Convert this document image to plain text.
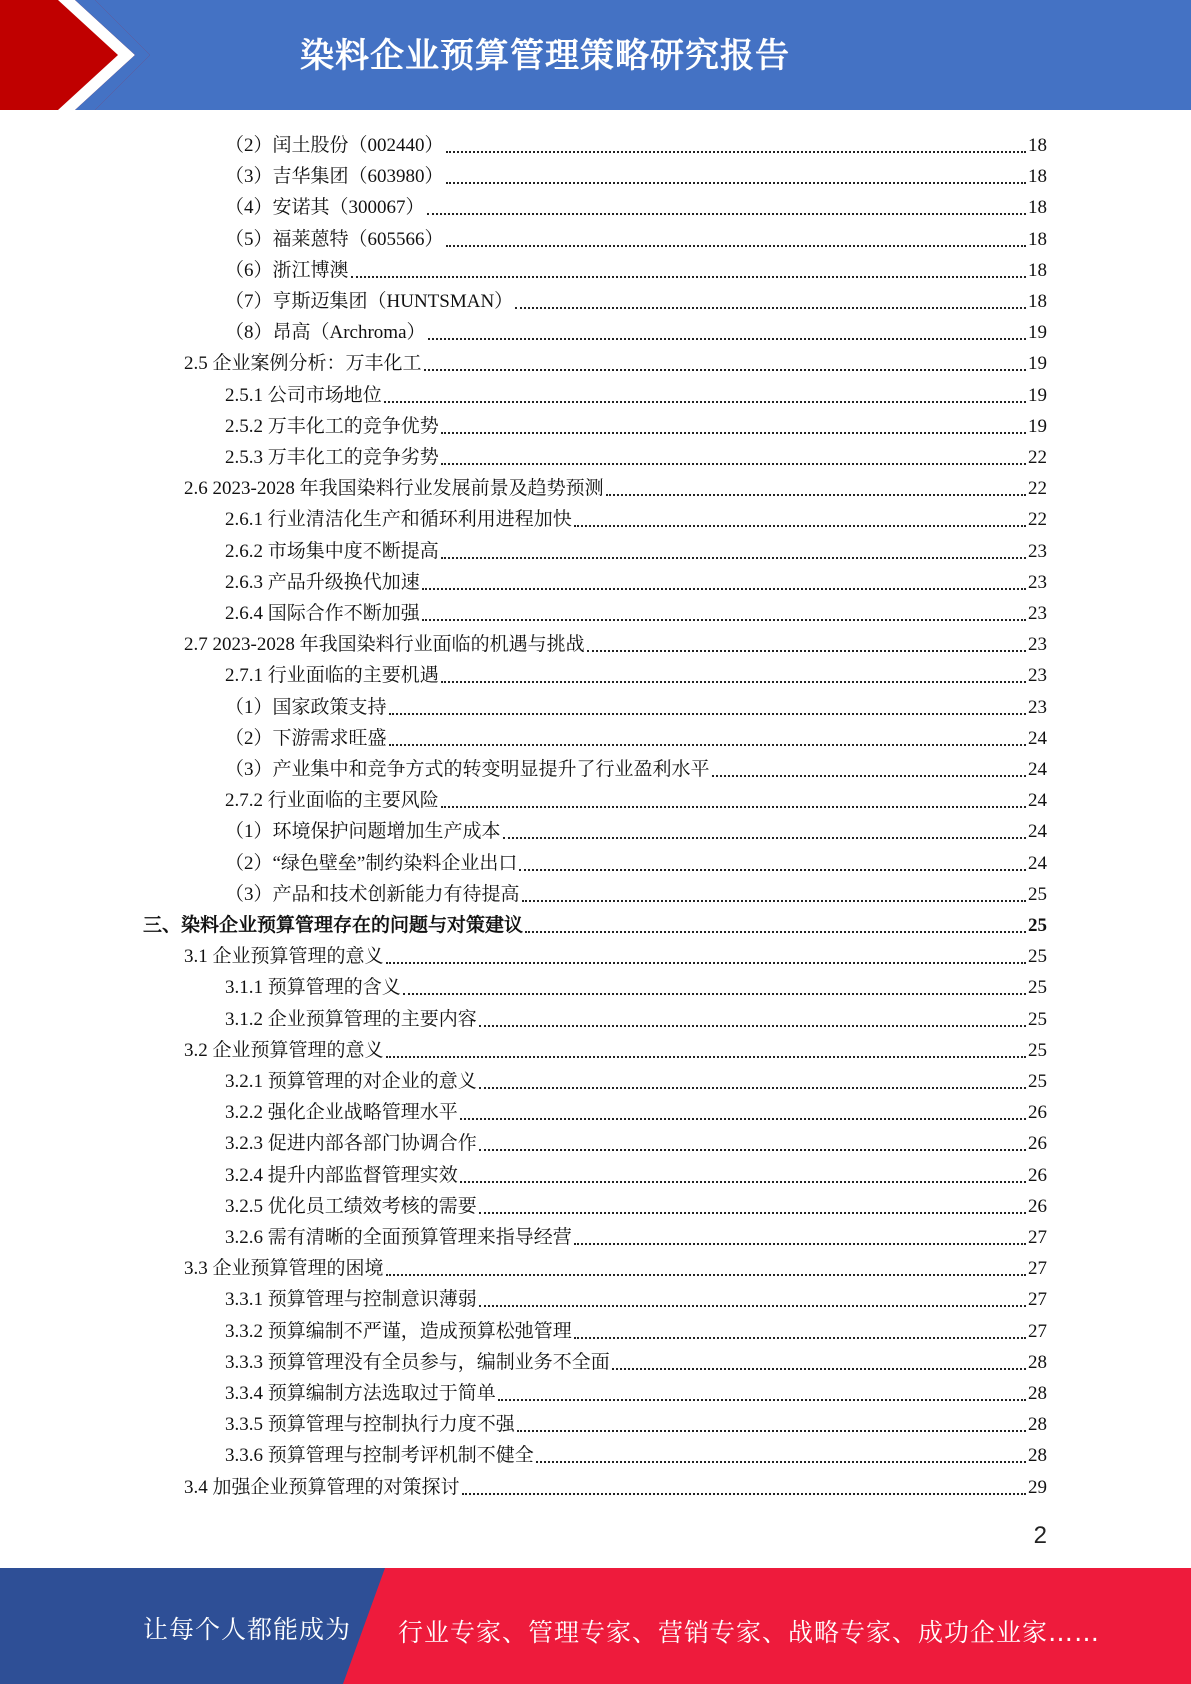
染料企业预算管理策略研究报告
（2）闰土股份（002440）	18
（3）吉华集团（603980）	18
（4）安诺其（300067）	18
（5）福莱蒽特（605566）	18
（6）浙江博澳	18
（7）亨斯迈集团（HUNTSMAN）	18
（8）昂高（Archroma）	19
2.5 企业案例分析：万丰化工	19
2.5.1 公司市场地位	19
2.5.2 万丰化工的竞争优势	19
2.5.3 万丰化工的竞争劣势	22
2.6 2023-2028 年我国染料行业发展前景及趋势预测	22
2.6.1 行业清洁化生产和循环利用进程加快	22
2.6.2 市场集中度不断提高	23
2.6.3 产品升级换代加速	23
2.6.4 国际合作不断加强	23
2.7 2023-2028 年我国染料行业面临的机遇与挑战	23
2.7.1 行业面临的主要机遇	23
（1）国家政策支持	23
（2）下游需求旺盛	24
（3）产业集中和竞争方式的转变明显提升了行业盈利水平	24
2.7.2 行业面临的主要风险	24
（1）环境保护问题增加生产成本	24
（2）“绿色壁垒”制约染料企业出口	24
（3）产品和技术创新能力有待提高	25
三、染料企业预算管理存在的问题与对策建议	25
3.1 企业预算管理的意义	25
3.1.1 预算管理的含义	25
3.1.2 企业预算管理的主要内容	25
3.2 企业预算管理的意义	25
3.2.1 预算管理的对企业的意义	25
3.2.2 强化企业战略管理水平	26
3.2.3 促进内部各部门协调合作	26
3.2.4 提升内部监督管理实效	26
3.2.5 优化员工绩效考核的需要	26
3.2.6 需有清晰的全面预算管理来指导经营	27
3.3 企业预算管理的困境	27
3.3.1 预算管理与控制意识薄弱	27
3.3.2 预算编制不严谨，造成预算松弛管理	27
3.3.3 预算管理没有全员参与，编制业务不全面	28
3.3.4 预算编制方法选取过于简单	28
3.3.5 预算管理与控制执行力度不强	28
3.3.6 预算管理与控制考评机制不健全	28
3.4 加强企业预算管理的对策探讨	29
2
让每个人都能成为 行业专家、管理专家、营销专家、战略专家、成功企业家……
